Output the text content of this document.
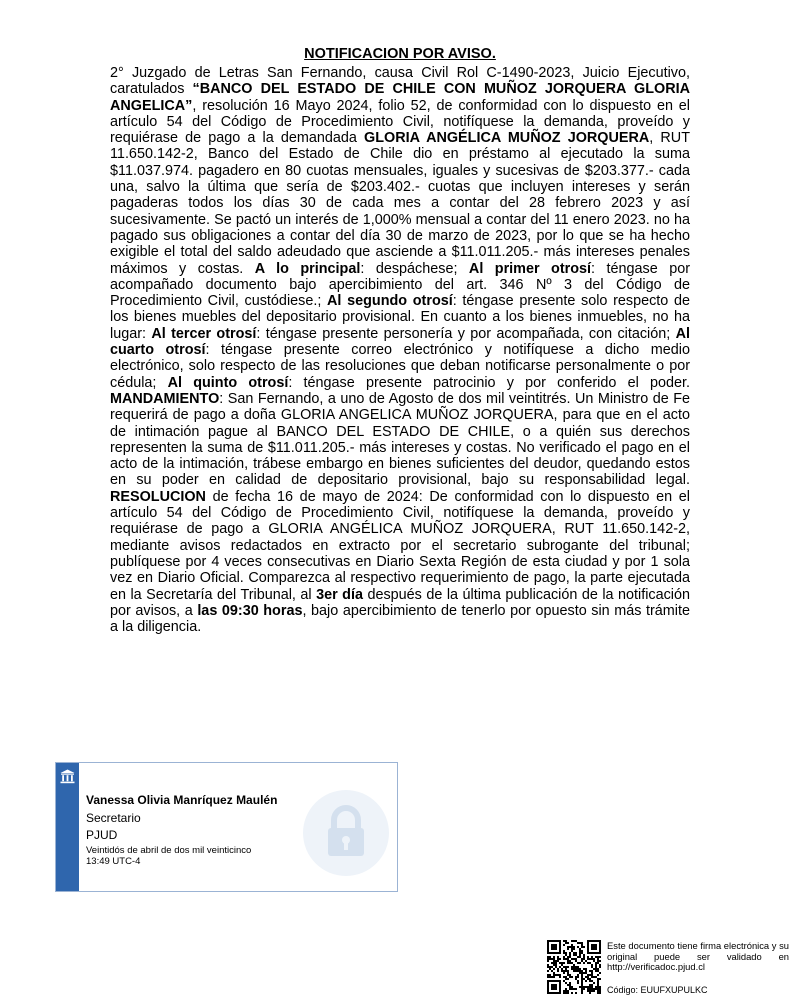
NOTIFICACION POR AVISO.
2° Juzgado de Letras San Fernando, causa Civil Rol C-1490-2023, Juicio Ejecutivo, caratulados “BANCO DEL ESTADO DE CHILE CON MUÑOZ JORQUERA GLORIA ANGELICA”, resolución 16 Mayo 2024, folio 52, de conformidad con lo dispuesto en el artículo 54 del Código de Procedimiento Civil, notifíquese la demanda, proveído y requiérase de pago a la demandada GLORIA ANGÉLICA MUÑOZ JORQUERA, RUT 11.650.142-2, Banco del Estado de Chile dio en préstamo al ejecutado la suma $11.037.974. pagadero en 80 cuotas mensuales, iguales y sucesivas de $203.377.- cada una, salvo la última que sería de $203.402.- cuotas que incluyen intereses y serán pagaderas todos los días 30 de cada mes a contar del 28 febrero 2023 y así sucesivamente. Se pactó un interés de 1,000% mensual a contar del 11 enero 2023. no ha pagado sus obligaciones a contar del día 30 de marzo de 2023, por lo que se ha hecho exigible el total del saldo adeudado que asciende a $11.011.205.- más intereses penales máximos y costas. A lo principal: despáchese; Al primer otrosí: téngase por acompañado documento bajo apercibimiento del art. 346 Nº 3 del Código de Procedimiento Civil, custódiese.; Al segundo otrosí: téngase presente solo respecto de los bienes muebles del depositario provisional. En cuanto a los bienes inmuebles, no ha lugar: Al tercer otrosí: téngase presente personería y por acompañada, con citación; Al cuarto otrosí: téngase presente correo electrónico y notifíquese a dicho medio electrónico, solo respecto de las resoluciones que deban notificarse personalmente o por cédula; Al quinto otrosí: téngase presente patrocinio y por conferido el poder. MANDAMIENTO: San Fernando, a uno de Agosto de dos mil veintitrés. Un Ministro de Fe requerirá de pago a doña GLORIA ANGELICA MUÑOZ JORQUERA, para que en el acto de intimación pague al BANCO DEL ESTADO DE CHILE, o a quién sus derechos representen la suma de $11.011.205.- más intereses y costas. No verificado el pago en el acto de la intimación, trábese embargo en bienes suficientes del deudor, quedando estos en su poder en calidad de depositario provisional, bajo su responsabilidad legal. RESOLUCION de fecha 16 de mayo de 2024: De conformidad con lo dispuesto en el artículo 54 del Código de Procedimiento Civil, notifíquese la demanda, proveído y requiérase de pago a GLORIA ANGÉLICA MUÑOZ JORQUERA, RUT 11.650.142-2, mediante avisos redactados en extracto por el secretario subrogante del tribunal; publíquese por 4 veces consecutivas en Diario Sexta Región de esta ciudad y por 1 sola vez en Diario Oficial. Comparezca al respectivo requerimiento de pago, la parte ejecutada en la Secretaría del Tribunal, al 3er día después de la última publicación de la notificación por avisos, a las 09:30 horas, bajo apercibimiento de tenerlo por opuesto sin más trámite a la diligencia.
Vanessa Olivia Manríquez Maulén
Secretario
PJUD
Veintidós de abril de dos mil veinticinco
13:49 UTC-4
Este documento tiene firma electrónica y su original puede ser validado en http://verificadoc.pjud.cl
Código: EUUFXUPULKC
